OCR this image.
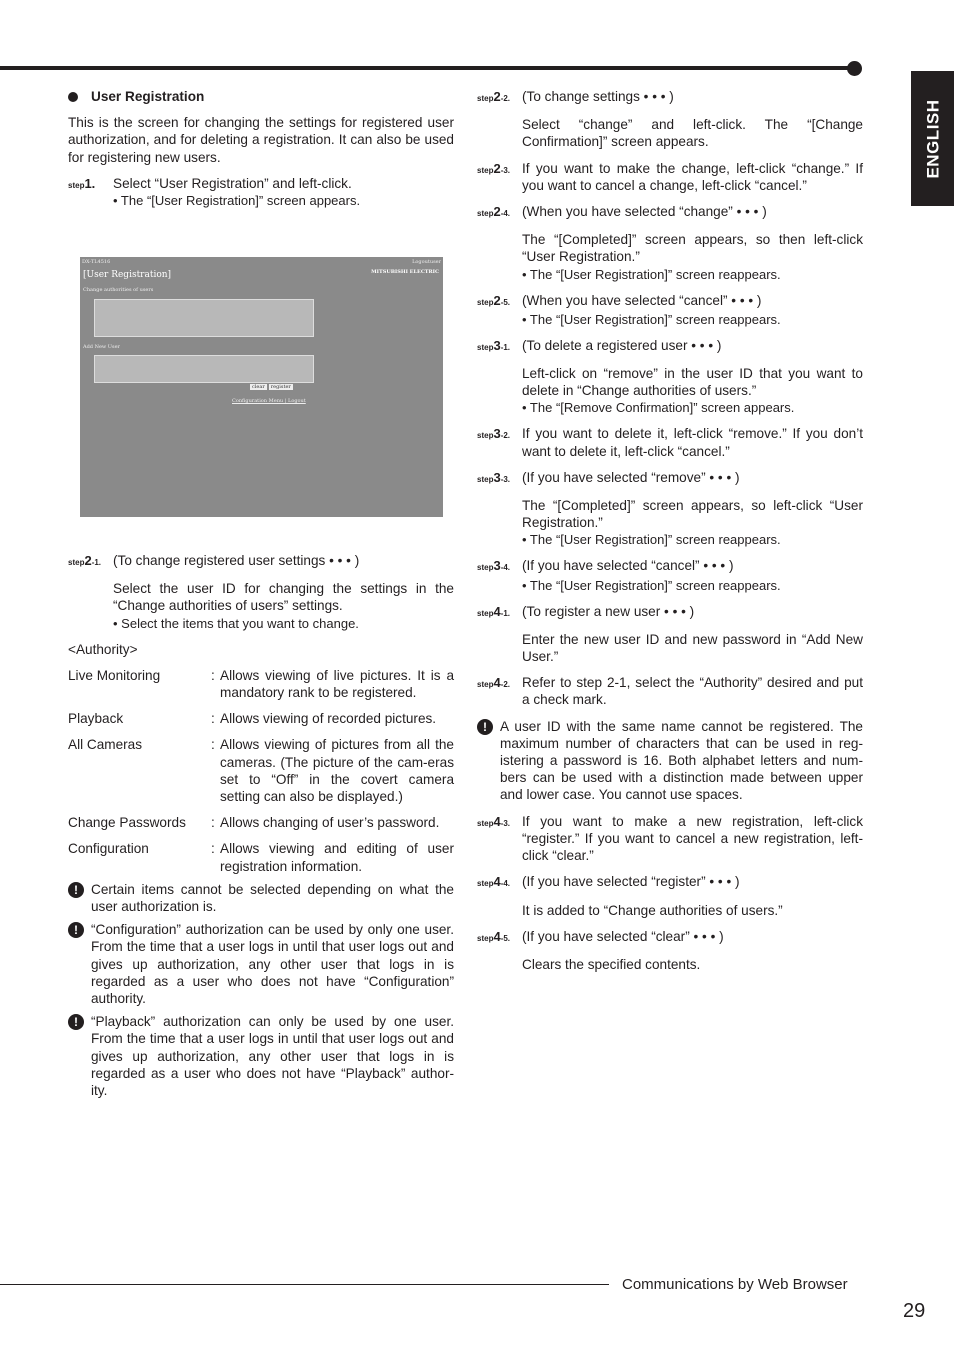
ENGLISH
User Registration

This is the screen for changing the settings for registered user authorization, and for deleting a registration. It can also be used for registering new users.

step1.	Select “User Registration” and left-click.
• The “[User Registration]” screen appears.
DX-TL4516	Logoutuser
[User Registration]	MITSUBISHI ELECTRIC
Change authorities of users
Add New User
clear	register
Configuration Menu | Logout
step2-1. (To change registered user settings • • • )

Select the user ID for changing the settings in the “Change authorities of users” settings.

• Select the items that you want to change.
<Authority>
Live Monitoring	: Allows viewing of live pictures. It is a mandatory rank to be registered.
Playback	: Allows viewing of recorded pictures.
All Cameras	: Allows viewing of pictures from all the cameras. (The picture of the cam-eras set to “Off” in the covert camera setting can also be displayed.)
Change Passwords	: Allows changing of user’s password.
Configuration	: Allows viewing and editing of user registration information.
! Certain items cannot be selected depending on what the user authorization is.

! “Configuration” authorization can be used by only one user. From the time that a user logs in until that user logs out and gives up authorization, any other user that logs in is regarded as a user who does not have “Configuration” authority.

! “Playback” authorization can only be used by one user. From the time that a user logs in until that user logs out and gives up authorization, any other user that logs in is regarded as a user who does not have “Playback” author-ity.

step2-2. (To change settings • • • )

Select “change” and left-click. The “[Change Confirmation]” screen appears.

step2-3. If you want to make the change, left-click “change.” If you want to cancel a change, left-click “cancel.”

step2-4. (When you have selected “change” • • • )

The “[Completed]” screen appears, so then left-click “User Registration.”

• The “[User Registration]” screen reappears.
step2-5. (When you have selected “cancel” • • • )

• The “[User Registration]” screen reappears.
step3-1. (To delete a registered user • • • )

Left-click on “remove” in the user ID that you want to delete in “Change authorities of users.”

• The “[Remove Confirmation]” screen appears.
step3-2. If you want to delete it, left-click “remove.” If you don’t want to delete it, left-click “cancel.”

step3-3. (If you have selected “remove” • • • )

The “[Completed]” screen appears, so left-click “User Registration.”

• The “[User Registration]” screen reappears.
step3-4. (If you have selected “cancel” • • • )

• The “[User Registration]” screen reappears.
step4-1. (To register a new user • • • )

Enter the new user ID and new password in “Add New User.”

step4-2. Refer to step 2-1, select the “Authority” desired and put a check mark.

! A user ID with the same name cannot be registered. The maximum number of characters that can be used in reg-istering a password is 16. Both alphabet letters and num-bers can be used with a distinction made between upper and lower case. You cannot use spaces.

step4-3. If you want to make a new registration, left-click “register.” If you want to cancel a new registration, left-click “clear.”

step4-4. (If you have selected “register” • • • )

It is added to “Change authorities of users.”

step4-5. (If you have selected “clear” • • • )

Clears the specified contents.

Communications by Web Browser
29
